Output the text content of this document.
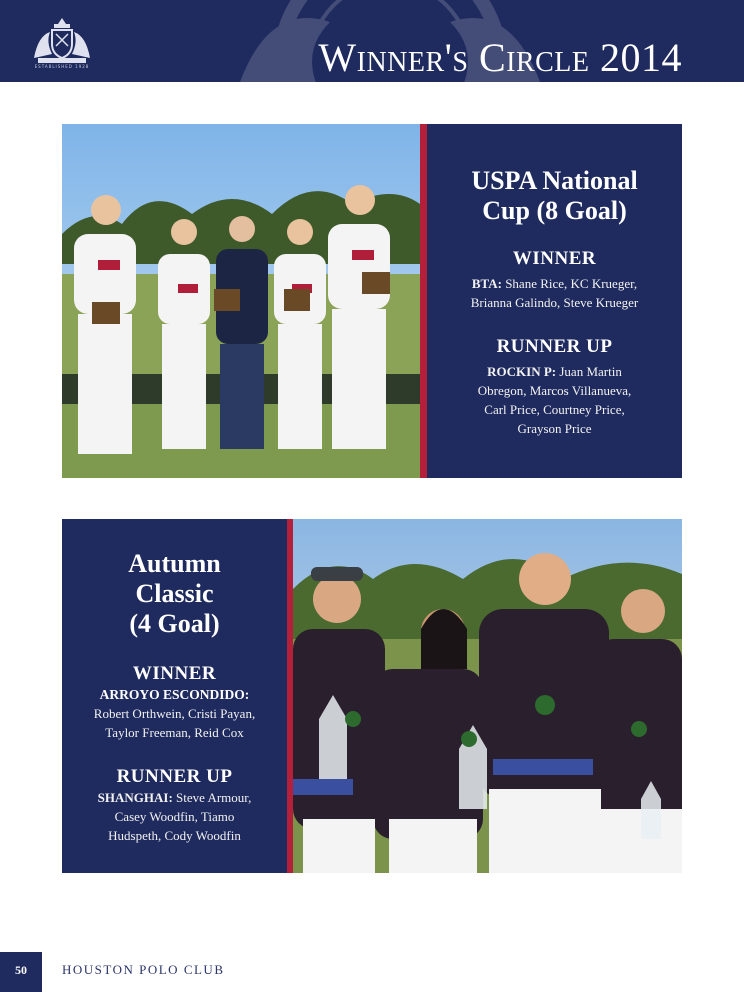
ESTABLISHED 1928	Winner's Circle 2014
USPA National
Cup (8 Goal)
WINNER
BTA: Shane Rice, KC Krueger,
Brianna Galindo, Steve Krueger
RUNNER UP
ROCKIN P: Juan Martin
Obregon, Marcos Villanueva,
Carl Price, Courtney Price,
Grayson Price
Autumn
Classic
(4 Goal)
WINNER
ARROYO ESCONDIDO:
Robert Orthwein, Cristi Payan,
Taylor Freeman, Reid Cox
RUNNER UP
SHANGHAI: Steve Armour,
Casey Woodfin, Tiamo
Hudspeth, Cody Woodfin
50	HOUSTON POLO CLUB
